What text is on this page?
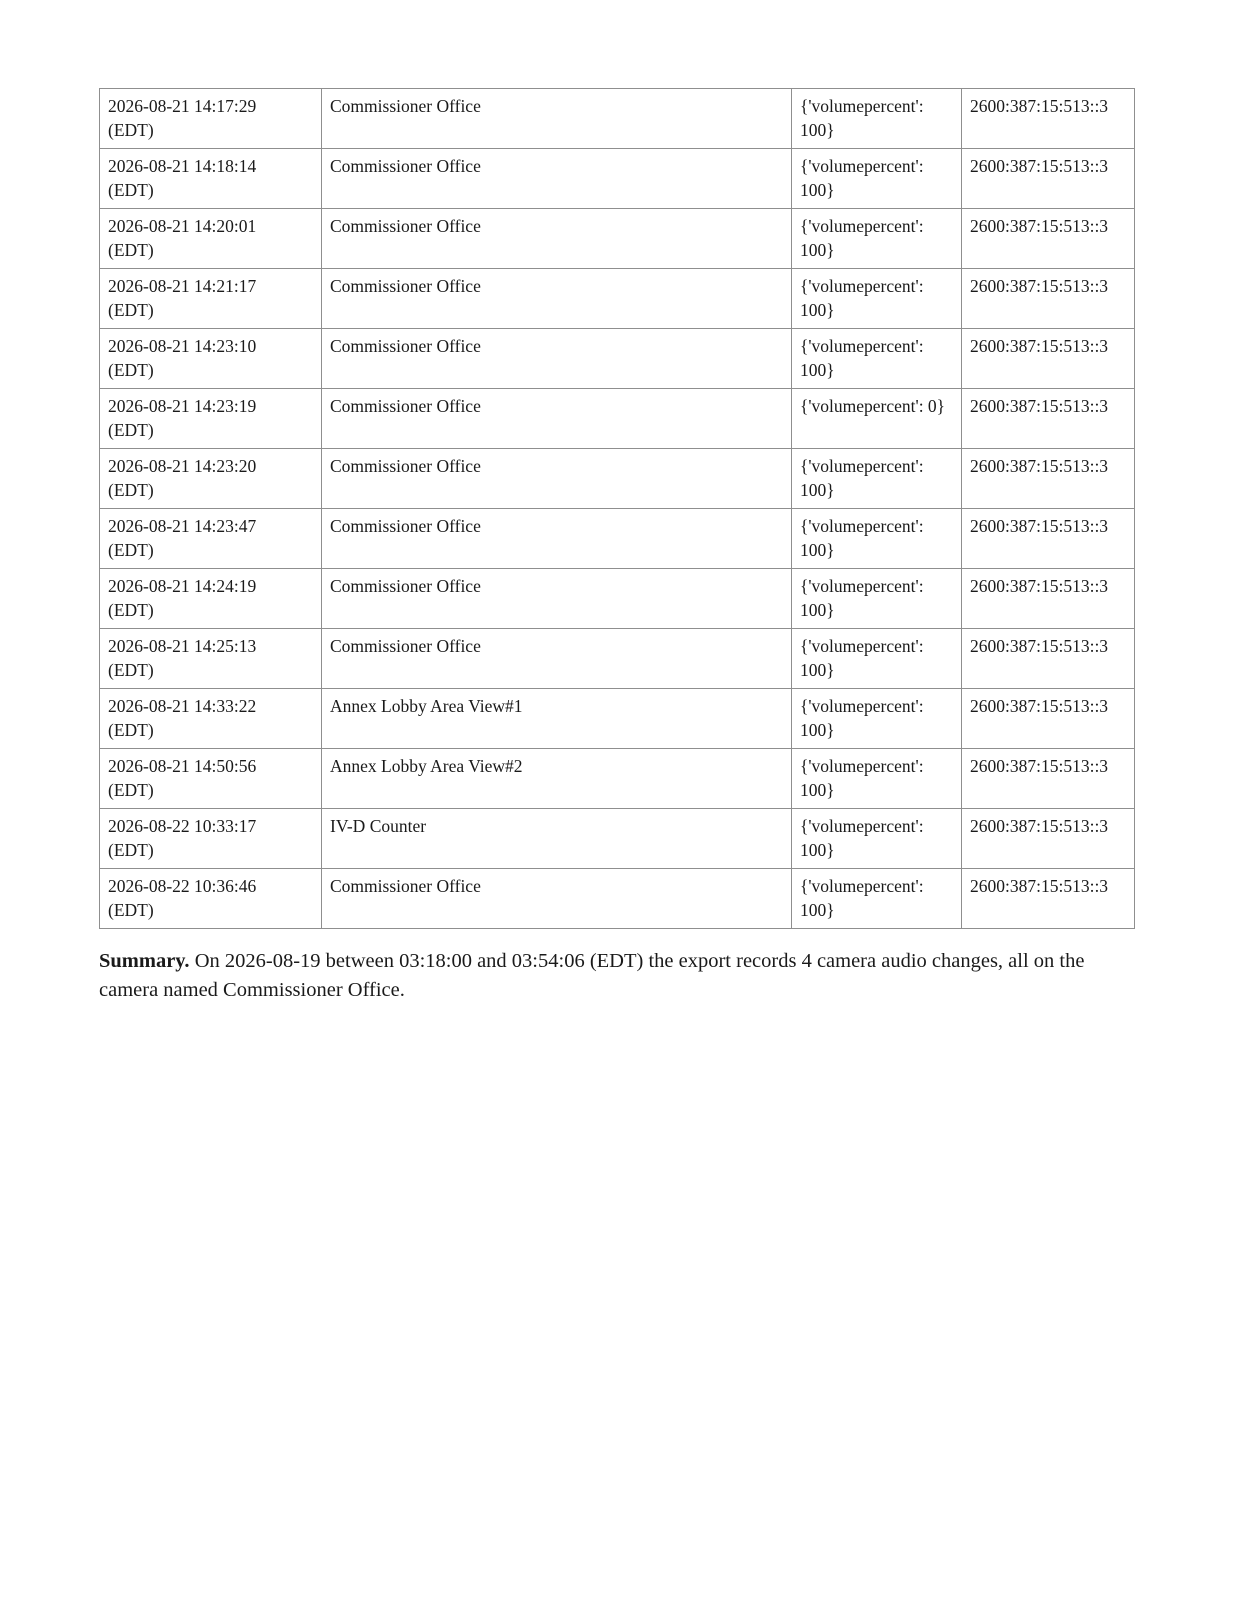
2026-08-21 14:17:29
(EDT)	Commissioner Office	{'volumepercent': 100}	2600:387:15:513::3
2026-08-21 14:18:14
(EDT)	Commissioner Office	{'volumepercent': 100}	2600:387:15:513::3
2026-08-21 14:20:01
(EDT)	Commissioner Office	{'volumepercent': 100}	2600:387:15:513::3
2026-08-21 14:21:17
(EDT)	Commissioner Office	{'volumepercent': 100}	2600:387:15:513::3
2026-08-21 14:23:10
(EDT)	Commissioner Office	{'volumepercent': 100}	2600:387:15:513::3
2026-08-21 14:23:19
(EDT)	Commissioner Office	{'volumepercent': 0}	2600:387:15:513::3
2026-08-21 14:23:20
(EDT)	Commissioner Office	{'volumepercent': 100}	2600:387:15:513::3
2026-08-21 14:23:47
(EDT)	Commissioner Office	{'volumepercent': 100}	2600:387:15:513::3
2026-08-21 14:24:19
(EDT)	Commissioner Office	{'volumepercent': 100}	2600:387:15:513::3
2026-08-21 14:25:13
(EDT)	Commissioner Office	{'volumepercent': 100}	2600:387:15:513::3
2026-08-21 14:33:22
(EDT)	Annex Lobby Area View#1	{'volumepercent': 100}	2600:387:15:513::3
2026-08-21 14:50:56
(EDT)	Annex Lobby Area View#2	{'volumepercent': 100}	2600:387:15:513::3
2026-08-22 10:33:17
(EDT)	IV-D Counter	{'volumepercent': 100}	2600:387:15:513::3
2026-08-22 10:36:46
(EDT)	Commissioner Office	{'volumepercent': 100}	2600:387:15:513::3

Summary. On 2026-08-19 between 03:18:00 and 03:54:06 (EDT) the export records 4 camera audio changes, all on the camera named Commissioner Office.
